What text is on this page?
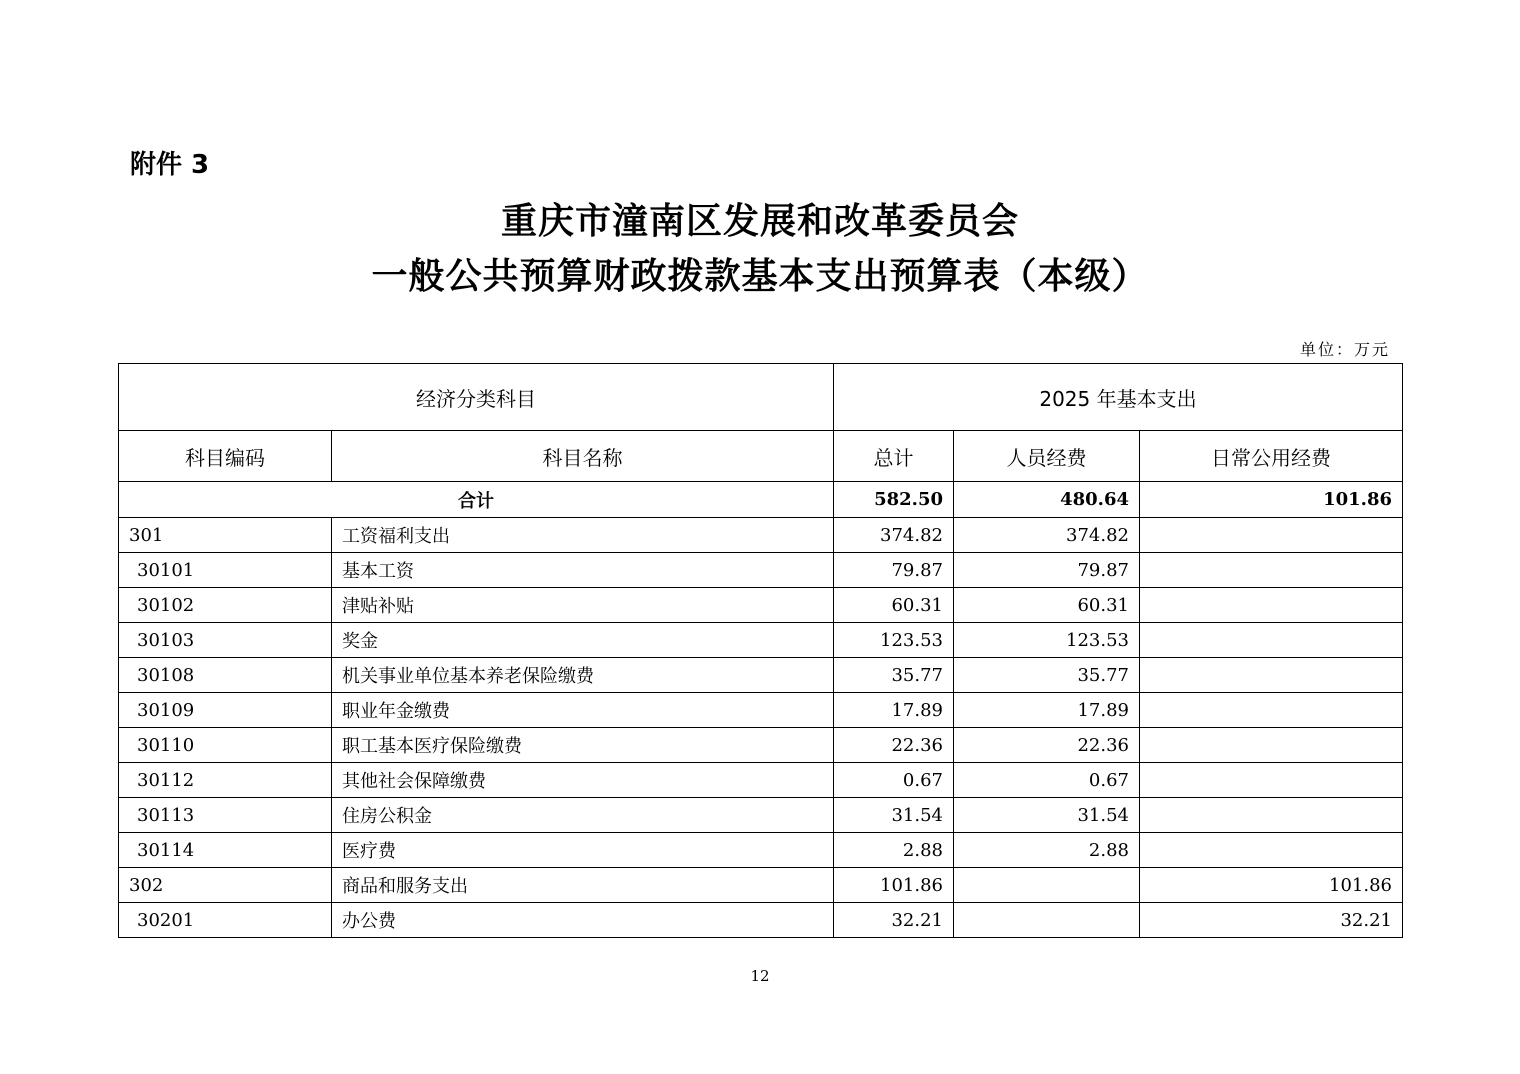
附件 3
重庆市潼南区发展和改革委员会
一般公共预算财政拨款基本支出预算表（本级）
单位：万元
经济分类科目		2025 年基本支出		
科目编码	科目名称	总计	人员经费	日常公用经费
合计		582.50	480.64	101.86
301	工资福利支出	374.82	374.82	
30101	基本工资	79.87	79.87	
30102	津贴补贴	60.31	60.31	
30103	奖金	123.53	123.53	
30108	机关事业单位基本养老保险缴费	35.77	35.77	
30109	职业年金缴费	17.89	17.89	
30110	职工基本医疗保险缴费	22.36	22.36	
30112	其他社会保障缴费	0.67	0.67	
30113	住房公积金	31.54	31.54	
30114	医疗费	2.88	2.88	
302	商品和服务支出	101.86		101.86
30201	办公费	32.21		32.21
12
